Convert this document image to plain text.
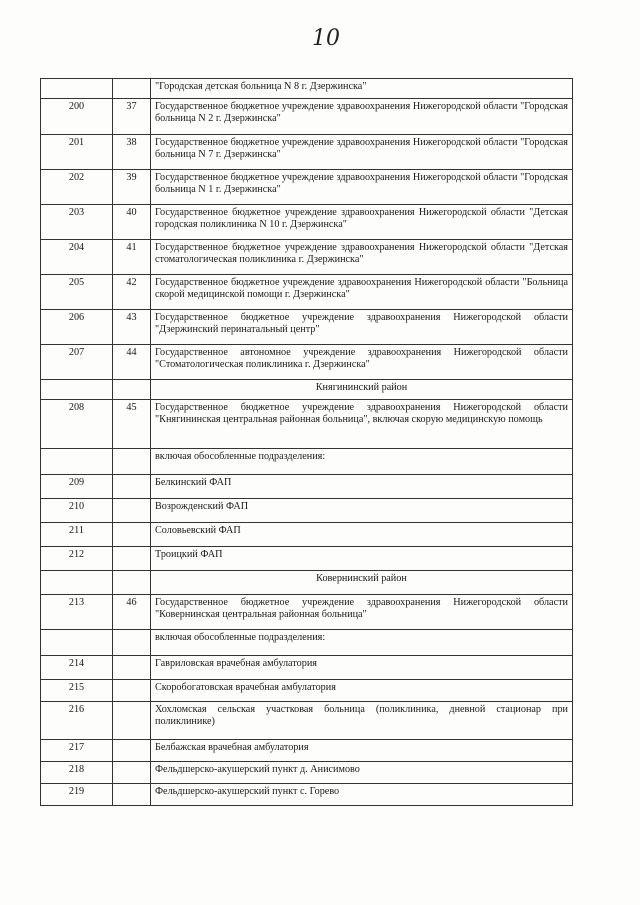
10
		"Городская детская больница N 8 г. Дзержинска"
200	37	Государственное бюджетное учреждение здравоохранения Нижегородской области "Городская больница N 2 г. Дзержинска"
201	38	Государственное бюджетное учреждение здравоохранения Нижегородской области "Городская больница N 7 г. Дзержинска"
202	39	Государственное бюджетное учреждение здравоохранения Нижегородской области "Городская больница N 1 г. Дзержинска"
203	40	Государственное бюджетное учреждение здравоохранения Нижегородской области "Детская городская поликлиника N 10 г. Дзержинска"
204	41	Государственное бюджетное учреждение здравоохранения Нижегородской области "Детская стоматологическая поликлиника г. Дзержинска"
205	42	Государственное бюджетное учреждение здравоохранения Нижегородской области "Больница скорой медицинской помощи г. Дзержинска"
206	43	Государственное бюджетное учреждение здравоохранения Нижегородской области "Дзержинский перинатальный центр"
207	44	Государственное автономное учреждение здравоохранения Нижегородской области "Стоматологическая поликлиника г. Дзержинска"
		Княгининский район
208	45	Государственное бюджетное учреждение здравоохранения Нижегородской области "Княгининская центральная районная больница", включая скорую медицинскую помощь
		включая обособленные подразделения:
209		Белкинский ФАП
210		Возрожденский ФАП
211		Соловьевский ФАП
212		Троицкий ФАП
		Ковернинский район
213	46	Государственное бюджетное учреждение здравоохранения Нижегородской области "Ковернинская центральная районная больница"
		включая обособленные подразделения:
214		Гавриловская врачебная амбулатория
215		Скоробогатовская врачебная амбулатория
216		Хохломская сельская участковая больница (поликлиника, дневной стационар при поликлинике)
217		Белбажская врачебная амбулатория
218		Фельдшерско-акушерский пункт д. Анисимово
219		Фельдшерско-акушерский пункт с. Горево
